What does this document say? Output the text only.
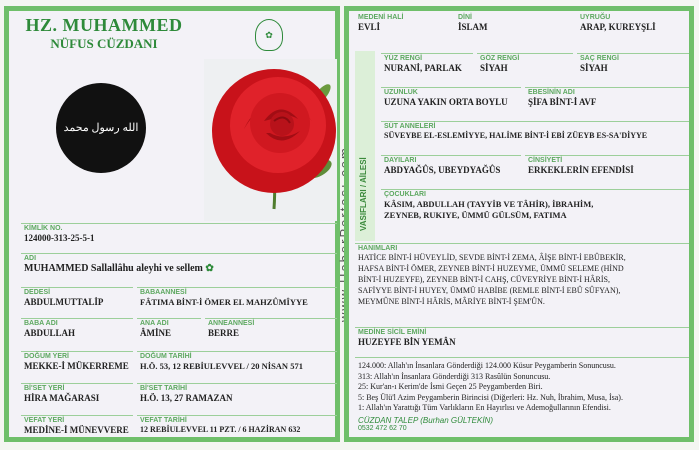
HZ. MUHAMMED
NÜFUS CÜZDANI
✿
الله رسول محمد
KİMLİK NO.
124000-313-25-5-1
ADI
MUHAMMED Sallallâhu aleyhi ve sellem ✿
DEDESİ
ABDULMUTTALİP
BABAANNESİ
FÂTIMA BİNT-İ ÖMER EL MAHZÛMÎYYE
BABA ADI
ABDULLAH
ANA ADI
ÂMİNE
ANNEANNESİ
BERRE
DOĞUM YERİ
MEKKE-İ MÜKERREME
DOĞUM TARİHİ
H.Ö. 53, 12 REBİULEVVEL / 20 NİSAN 571
Bİ'SET YERİ
HİRA MAĞARASI
Bİ'SET TARİHİ
H.Ö. 13, 27 RAMAZAN
VEFAT YERİ
MEDİNE-İ MÜNEVVERE
VEFAT TARİHİ
12 REBİULEVVEL 11 PZT. / 6 HAZİRAN 632
MEDENİ HALİ
EVLİ
DİNİ
İSLAM
UYRUĞU
ARAP, KUREYŞLİ
VASIFLARI / AİLESİ
YÜZ RENGİ
NURANİ, PARLAK
GÖZ RENGİ
SİYAH
SAÇ RENGİ
SİYAH
UZUNLUK
UZUNA YAKIN ORTA BOYLU
EBESİNİN ADI
ŞİFA BİNT-İ AVF
SÜT ANNELERİ
SÜVEYBE EL-ESLEMİYYE, HALİME BİNT-İ EBİ ZÜEYB ES-SA'DİYYE
DAYILARI
ABDYAĞÛS, UBEYDYAĞÛS
CİNSİYETİ
ERKEKLERİN EFENDİSİ
ÇOCUKLARI
KÂSIM, ABDULLAH (TAYYİB VE TÂHİR), İBRAHİM,
ZEYNEB, RUKIYE, ÜMMÜ GÜLSÜM, FATIMA
HANIMLARI
HATİCE BİNT-İ HÜVEYLİD, SEVDE BİNT-İ ZEMA, ÂİŞE BİNT-İ EBÛBEKİR,
HAFSA BİNT-İ ÖMER, ZEYNEB BİNT-İ HUZEYME, ÜMMÜ SELEME (HİND
BİNT-İ HUZEYFE), ZEYNEB BİNT-İ CAHŞ, CÜVEYRİYE BİNT-İ HÂRİS,
SAFİYYE BİNT-İ HUYEY, ÜMMÜ HABİBE (REMLE BİNT-İ EBÛ SÛFYAN),
MEYMÛNE BİNT-İ HÂRİS, MÂRİYE BİNT-İ ŞEM'ÛN.
MEDİNE SİCİL EMİNİ
HUZEYFE BİN YEMÂN
124.000: Allah'ın İnsanlara Gönderdiği 124.000 Küsur Peygamberin Sonuncusu.
313: Allah'ın İnsanlara Gönderdiği 313 Rasûlün Sonuncusu.
25: Kur'an-ı Kerim'de İsmi Geçen 25 Peygamberden Biri.
5: Beş Ülü'l Azim Peygamberin Birincisi (Diğerleri: Hz. Nuh, İbrahim, Musa, İsa).
1: Allah'ın Yarattığı Tüm Varlıkların En Hayırlısı ve Ademoğullarının Efendisi.
CÜZDAN TALEP (Burhan GÜLTEKİN)
0532 472 62 70
